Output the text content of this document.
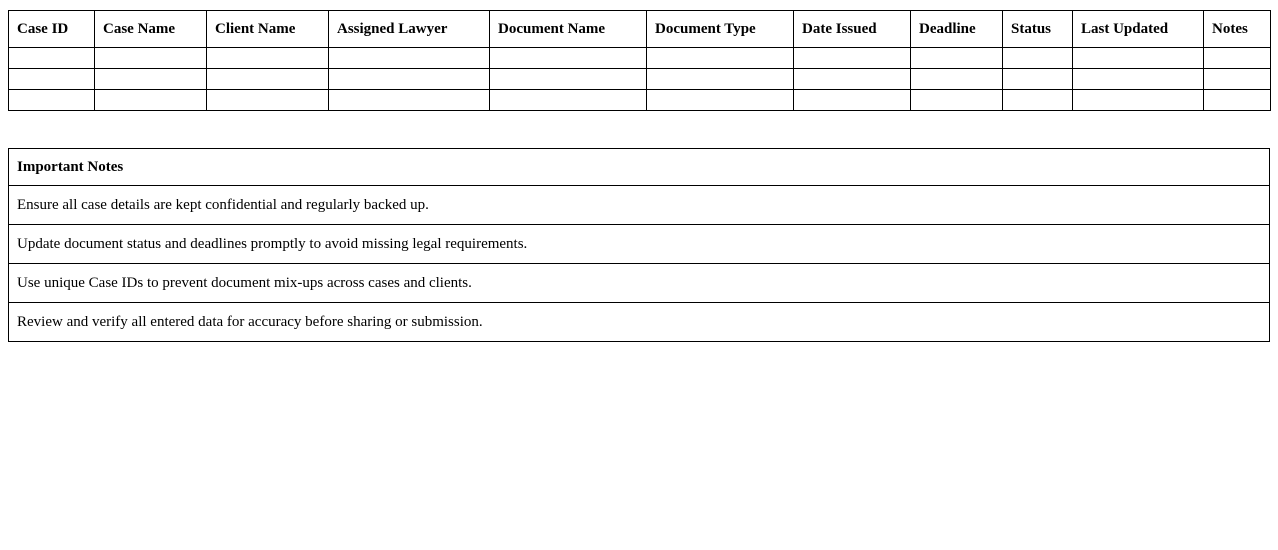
Case ID	Case Name	Client Name	Assigned Lawyer	Document Name	Document Type	Date Issued	Deadline	Status	Last Updated	Notes

Important Notes
Ensure all case details are kept confidential and regularly backed up.
Update document status and deadlines promptly to avoid missing legal requirements.
Use unique Case IDs to prevent document mix-ups across cases and clients.
Review and verify all entered data for accuracy before sharing or submission.
